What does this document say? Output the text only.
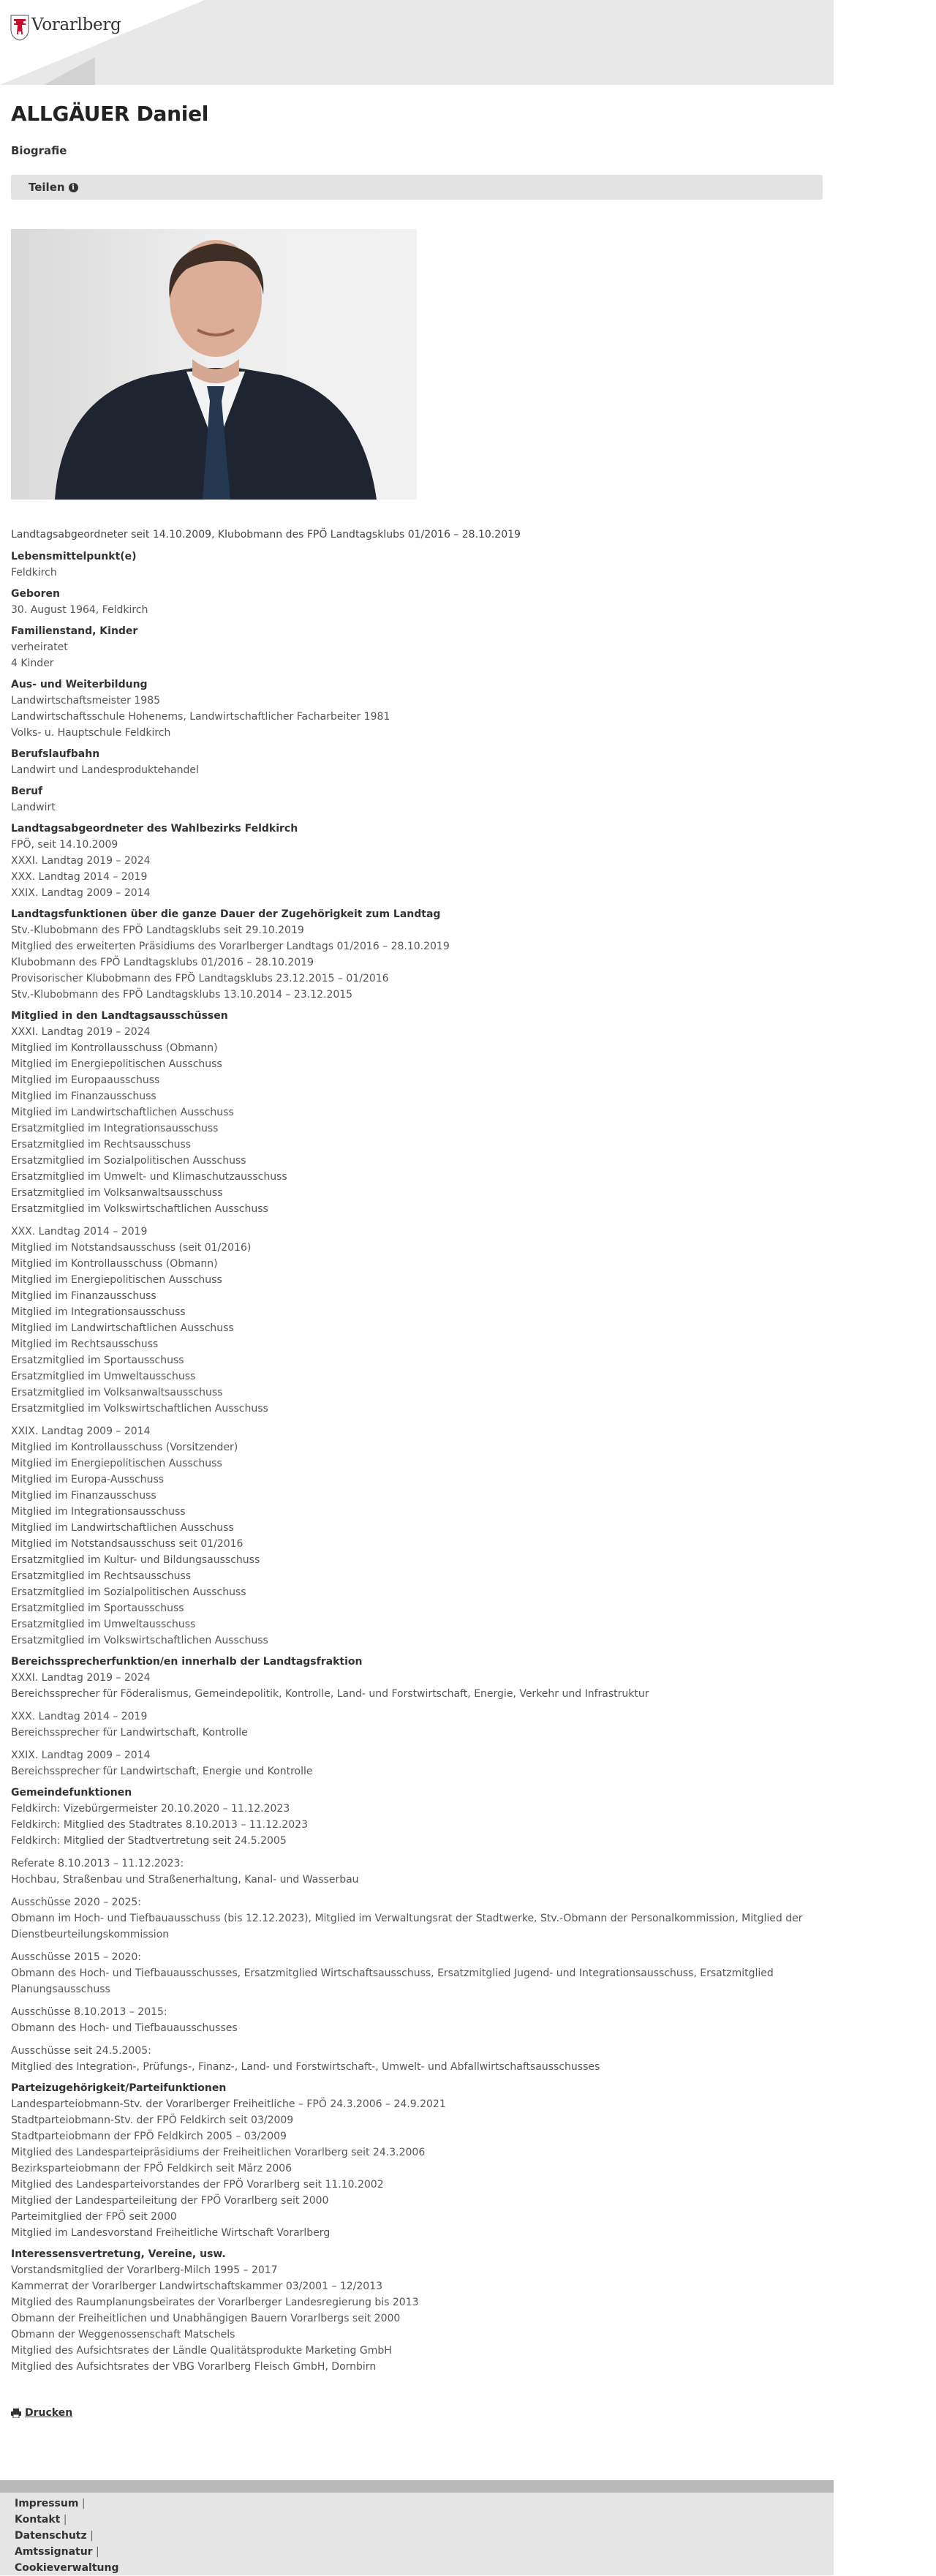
Vorarlberg
ALLGÄUER Daniel
Biografie
Teilen i
Landtagsabgeordneter seit 14.10.2009, Klubobmann des FPÖ Landtagsklubs 01/2016 – 28.10.2019
Lebensmittelpunkt(e)
Feldkirch
Geboren
30. August 1964, Feldkirch
Familienstand, Kinder
verheiratet
4 Kinder
Aus- und Weiterbildung
Landwirtschaftsmeister 1985
Landwirtschaftsschule Hohenems, Landwirtschaftlicher Facharbeiter 1981
Volks- u. Hauptschule Feldkirch
Berufslaufbahn
Landwirt und Landesproduktehandel
Beruf
Landwirt
Landtagsabgeordneter des Wahlbezirks Feldkirch
FPÖ, seit 14.10.2009
XXXI. Landtag 2019 – 2024
XXX. Landtag 2014 – 2019
XXIX. Landtag 2009 – 2014
Landtagsfunktionen über die ganze Dauer der Zugehörigkeit zum Landtag
Stv.-Klubobmann des FPÖ Landtagsklubs seit 29.10.2019
Mitglied des erweiterten Präsidiums des Vorarlberger Landtags 01/2016 – 28.10.2019
Klubobmann des FPÖ Landtagsklubs 01/2016 – 28.10.2019
Provisorischer Klubobmann des FPÖ Landtagsklubs 23.12.2015 – 01/2016
Stv.-Klubobmann des FPÖ Landtagsklubs 13.10.2014 – 23.12.2015
Mitglied in den Landtagsausschüssen
XXXI. Landtag 2019 – 2024
Mitglied im Kontrollausschuss (Obmann)
Mitglied im Energiepolitischen Ausschuss
Mitglied im Europaausschuss
Mitglied im Finanzausschuss
Mitglied im Landwirtschaftlichen Ausschuss
Ersatzmitglied im Integrationsausschuss
Ersatzmitglied im Rechtsausschuss
Ersatzmitglied im Sozialpolitischen Ausschuss
Ersatzmitglied im Umwelt- und Klimaschutzausschuss
Ersatzmitglied im Volksanwaltsausschuss
Ersatzmitglied im Volkswirtschaftlichen Ausschuss
XXX. Landtag 2014 – 2019
Mitglied im Notstandsausschuss (seit 01/2016)
Mitglied im Kontrollausschuss (Obmann)
Mitglied im Energiepolitischen Ausschuss
Mitglied im Finanzausschuss
Mitglied im Integrationsausschuss
Mitglied im Landwirtschaftlichen Ausschuss
Mitglied im Rechtsausschuss
Ersatzmitglied im Sportausschuss
Ersatzmitglied im Umweltausschuss
Ersatzmitglied im Volksanwaltsausschuss
Ersatzmitglied im Volkswirtschaftlichen Ausschuss
XXIX. Landtag 2009 – 2014
Mitglied im Kontrollausschuss (Vorsitzender)
Mitglied im Energiepolitischen Ausschuss
Mitglied im Europa-Ausschuss
Mitglied im Finanzausschuss
Mitglied im Integrationsausschuss
Mitglied im Landwirtschaftlichen Ausschuss
Mitglied im Notstandsausschuss seit 01/2016
Ersatzmitglied im Kultur- und Bildungsausschuss
Ersatzmitglied im Rechtsausschuss
Ersatzmitglied im Sozialpolitischen Ausschuss
Ersatzmitglied im Sportausschuss
Ersatzmitglied im Umweltausschuss
Ersatzmitglied im Volkswirtschaftlichen Ausschuss
Bereichssprecherfunktion/en innerhalb der Landtagsfraktion
XXXI. Landtag 2019 – 2024
Bereichssprecher für Föderalismus, Gemeindepolitik, Kontrolle, Land- und Forstwirtschaft, Energie, Verkehr und Infrastruktur
XXX. Landtag 2014 – 2019
Bereichssprecher für Landwirtschaft, Kontrolle
XXIX. Landtag 2009 – 2014
Bereichssprecher für Landwirtschaft, Energie und Kontrolle
Gemeindefunktionen
Feldkirch: Vizebürgermeister 20.10.2020 – 11.12.2023
Feldkirch: Mitglied des Stadtrates 8.10.2013 – 11.12.2023
Feldkirch: Mitglied der Stadtvertretung seit 24.5.2005
Referate 8.10.2013 – 11.12.2023:
Hochbau, Straßenbau und Straßenerhaltung, Kanal- und Wasserbau
Ausschüsse 2020 – 2025:
Obmann im Hoch- und Tiefbauausschuss (bis 12.12.2023), Mitglied im Verwaltungsrat der Stadtwerke, Stv.-Obmann der Personalkommission, Mitglied der Dienstbeurteilungskommission
Ausschüsse 2015 – 2020:
Obmann des Hoch- und Tiefbauausschusses, Ersatzmitglied Wirtschaftsausschuss, Ersatzmitglied Jugend- und Integrationsausschuss, Ersatzmitglied Planungsausschuss
Ausschüsse 8.10.2013 – 2015:
Obmann des Hoch- und Tiefbauausschusses
Ausschüsse seit 24.5.2005:
Mitglied des Integration-, Prüfungs-, Finanz-, Land- und Forstwirtschaft-, Umwelt- und Abfallwirtschaftsausschusses
Parteizugehörigkeit/Parteifunktionen
Landesparteiobmann-Stv. der Vorarlberger Freiheitliche – FPÖ 24.3.2006 – 24.9.2021
Stadtparteiobmann-Stv. der FPÖ Feldkirch seit 03/2009
Stadtparteiobmann der FPÖ Feldkirch 2005 – 03/2009
Mitglied des Landesparteipräsidiums der Freiheitlichen Vorarlberg seit 24.3.2006
Bezirksparteiobmann der FPÖ Feldkirch seit März 2006
Mitglied des Landesparteivorstandes der FPÖ Vorarlberg seit 11.10.2002
Mitglied der Landesparteileitung der FPÖ Vorarlberg seit 2000
Parteimitglied der FPÖ seit 2000
Mitglied im Landesvorstand Freiheitliche Wirtschaft Vorarlberg
Interessensvertretung, Vereine, usw.
Vorstandsmitglied der Vorarlberg-Milch 1995 – 2017
Kammerrat der Vorarlberger Landwirtschaftskammer 03/2001 – 12/2013
Mitglied des Raumplanungsbeirates der Vorarlberger Landesregierung bis 2013
Obmann der Freiheitlichen und Unabhängigen Bauern Vorarlbergs seit 2000
Obmann der Weggenossenschaft Matschels
Mitglied des Aufsichtsrates der Ländle Qualitätsprodukte Marketing GmbH
Mitglied des Aufsichtsrates der VBG Vorarlberg Fleisch GmbH, Dornbirn
Drucken
Impressum |
Kontakt |
Datenschutz |
Amtssignatur |
Cookieverwaltung
